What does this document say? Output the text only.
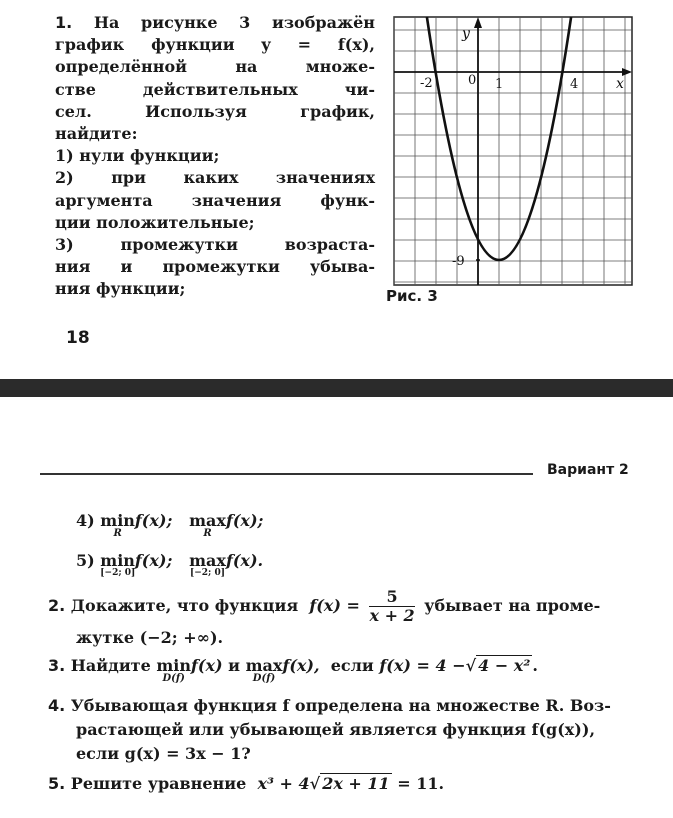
1. На рисунке 3 изображён
график функции y = f(x),
определённой на множе-
стве действительных чи-
сел. Используя график,
найдите:
1) нули функции;
2) при каких значениях
аргумента значения функ-
ции положительные;
3) промежутки возраста-
ния и промежутки убыва-
ния функции;
y
x
-2	0 1	4
-9
Рис. 3
18
Вариант 2
4) min
R
f(x); max
R
f(x);
5) min
[−2; 0]
f(x); max
[−2; 0]
f(x).
2. Докажите, что функция $f(x) = \frac{5}{x + 2}$ убывает на проме-
жутке (−2; +∞).
3. Найдите min
D(f)
f(x) и max
D(f)
f(x), если f(x) = 4 −√ 4 − x² .
4. Убывающая функция f определена на множестве R. Воз-
растающей или убывающей является функция f(g(x)),
если g(x) = 3x − 1?
5. Решите уравнение x³ + 4√ 2x + 11 = 11.
